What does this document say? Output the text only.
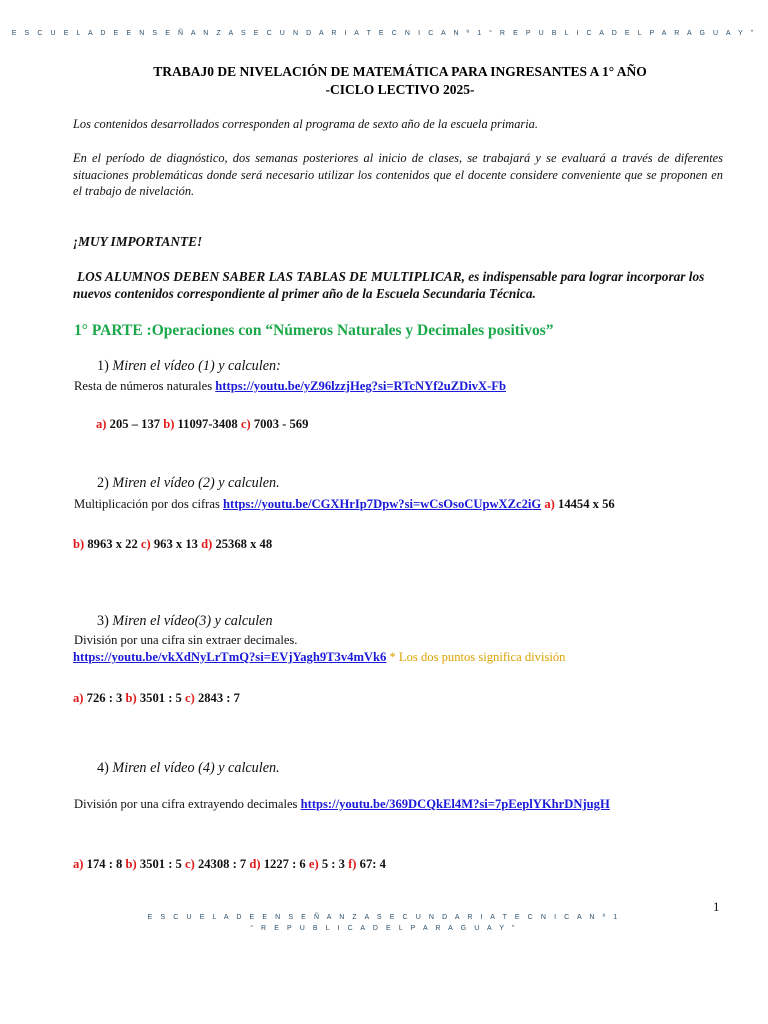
E S C U E L A D E E N S E Ñ A N Z A S E C U N D A R I A T E C N I C A N º 1 “ R E P U B L I C A D E L P A R A G U A Y ”
TRABAJ0 DE NIVELACIÓN DE MATEMÁTICA PARA INGRESANTES A 1° AÑO
-CICLO LECTIVO 2025-
Los contenidos desarrollados corresponden al programa de sexto año de la escuela primaria.
En el período de diagnóstico, dos semanas posteriores al inicio de clases, se trabajará y se evaluará a través de diferentes situaciones problemáticas donde será necesario utilizar los contenidos que el docente considere conveniente que se proponen en el trabajo de nivelación.
¡MUY IMPORTANTE!
LOS ALUMNOS DEBEN SABER LAS TABLAS DE MULTIPLICAR, es indispensable para lograr incorporar los nuevos contenidos correspondiente al primer año de la Escuela Secundaria Técnica.
1° PARTE :Operaciones con “Números Naturales y Decimales positivos”
1) Miren el vídeo (1) y calculen:
Resta de números naturales https://youtu.be/yZ96lzzjHeg?si=RTcNYf2uZDivX-Fb
a) 205 – 137 b) 11097-3408 c) 7003 - 569
2) Miren el vídeo (2) y calculen.
Multiplicación por dos cifras https://youtu.be/CGXHrIp7Dpw?si=wCsOsoCUpwXZc2iG a) 14454 x 56
b) 8963 x 22 c) 963 x 13 d) 25368 x 48
3) Miren el vídeo(3) y calculen
División por una cifra sin extraer decimales.
https://youtu.be/vkXdNyLrTmQ?si=EVjYagh9T3v4mVk6 * Los dos puntos significa división
a) 726 : 3 b) 3501 : 5 c) 2843 : 7
4) Miren el vídeo (4) y calculen.
División por una cifra extrayendo decimales https://youtu.be/369DCQkEl4M?si=7pEeplYKhrDNjugH
a) 174 : 8 b) 3501 : 5 c) 24308 : 7 d) 1227 : 6 e) 5 : 3 f) 67: 4
1
E S C U E L A D E E N S E Ñ A N Z A S E C U N D A R I A T E C N I C A N º 1
“ R E P U B L I C A D E L P A R A G U A Y ”
